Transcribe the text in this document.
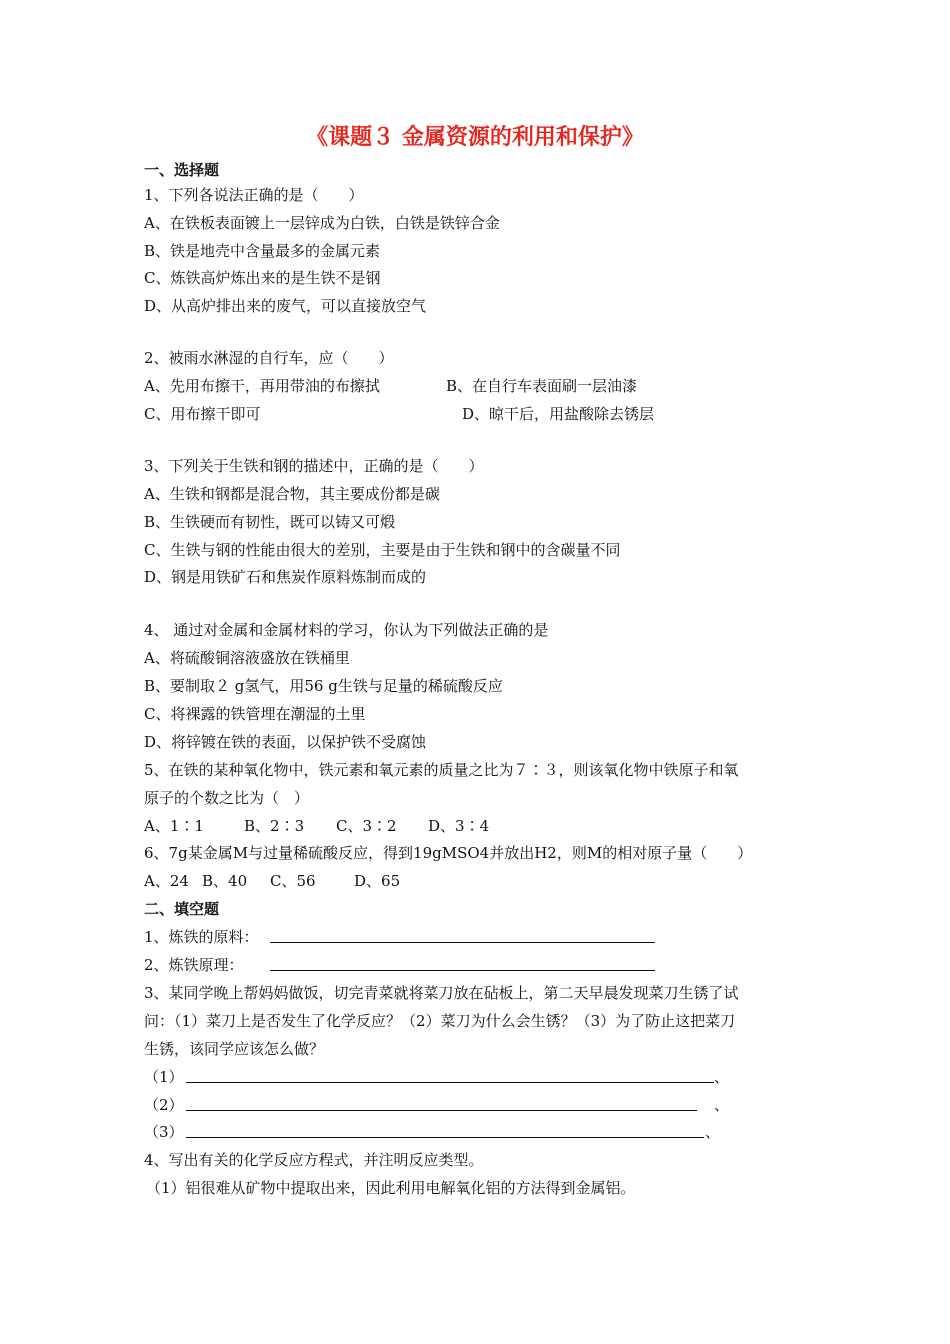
《课题３ 金属资源的利用和保护》
一、选择题
1、下列各说法正确的是（　　）
A、在铁板表面镀上一层锌成为白铁，白铁是铁锌合金
B、铁是地壳中含量最多的金属元素
C、炼铁高炉炼出来的是生铁不是钢
D、从高炉排出来的废气，可以直接放空气
2、被雨水淋湿的自行车，应（　　）
A、先用布擦干，再用带油的布擦拭	B、在自行车表面刷一层油漆
C、用布擦干即可	D、晾干后，用盐酸除去锈层
3、下列关于生铁和钢的描述中，正确的是（　　）
A、生铁和钢都是混合物，其主要成份都是碳
B、生铁硬而有韧性，既可以铸又可煅
C、生铁与钢的性能由很大的差别，主要是由于生铁和钢中的含碳量不同
D、钢是用铁矿石和焦炭作原料炼制而成的
4、 通过对金属和金属材料的学习，你认为下列做法正确的是
A、将硫酸铜溶液盛放在铁桶里
B、要制取２ g氢气，用56 g生铁与足量的稀硫酸反应
C、将裸露的铁管埋在潮湿的土里
D、将锌镀在铁的表面，以保护铁不受腐蚀
5、在铁的某种氧化物中，铁元素和氧元素的质量之比为７∶３，则该氧化物中铁原子和氧
原子的个数之比为（　）
A、1∶1	B、2∶3 C、3∶2 D、3∶4
6、7g某金属M与过量稀硫酸反应，得到19gMSO4并放出H2，则M的相对原子量（　　）
A、24 B、40 C、56	D、65
二、填空题
1、炼铁的原料：
2、炼铁原理：
3、某同学晚上帮妈妈做饭，切完青菜就将菜刀放在砧板上，第二天早晨发现菜刀生锈了试
问：（1）菜刀上是否发生了化学反应？（2）菜刀为什么会生锈？（3）为了防止这把菜刀
生锈，该同学应该怎么做？
（1）	、
（2）	、
（3）	、
4、写出有关的化学反应方程式，并注明反应类型。
（1）铝很难从矿物中提取出来，因此利用电解氧化铝的方法得到金属铝。
